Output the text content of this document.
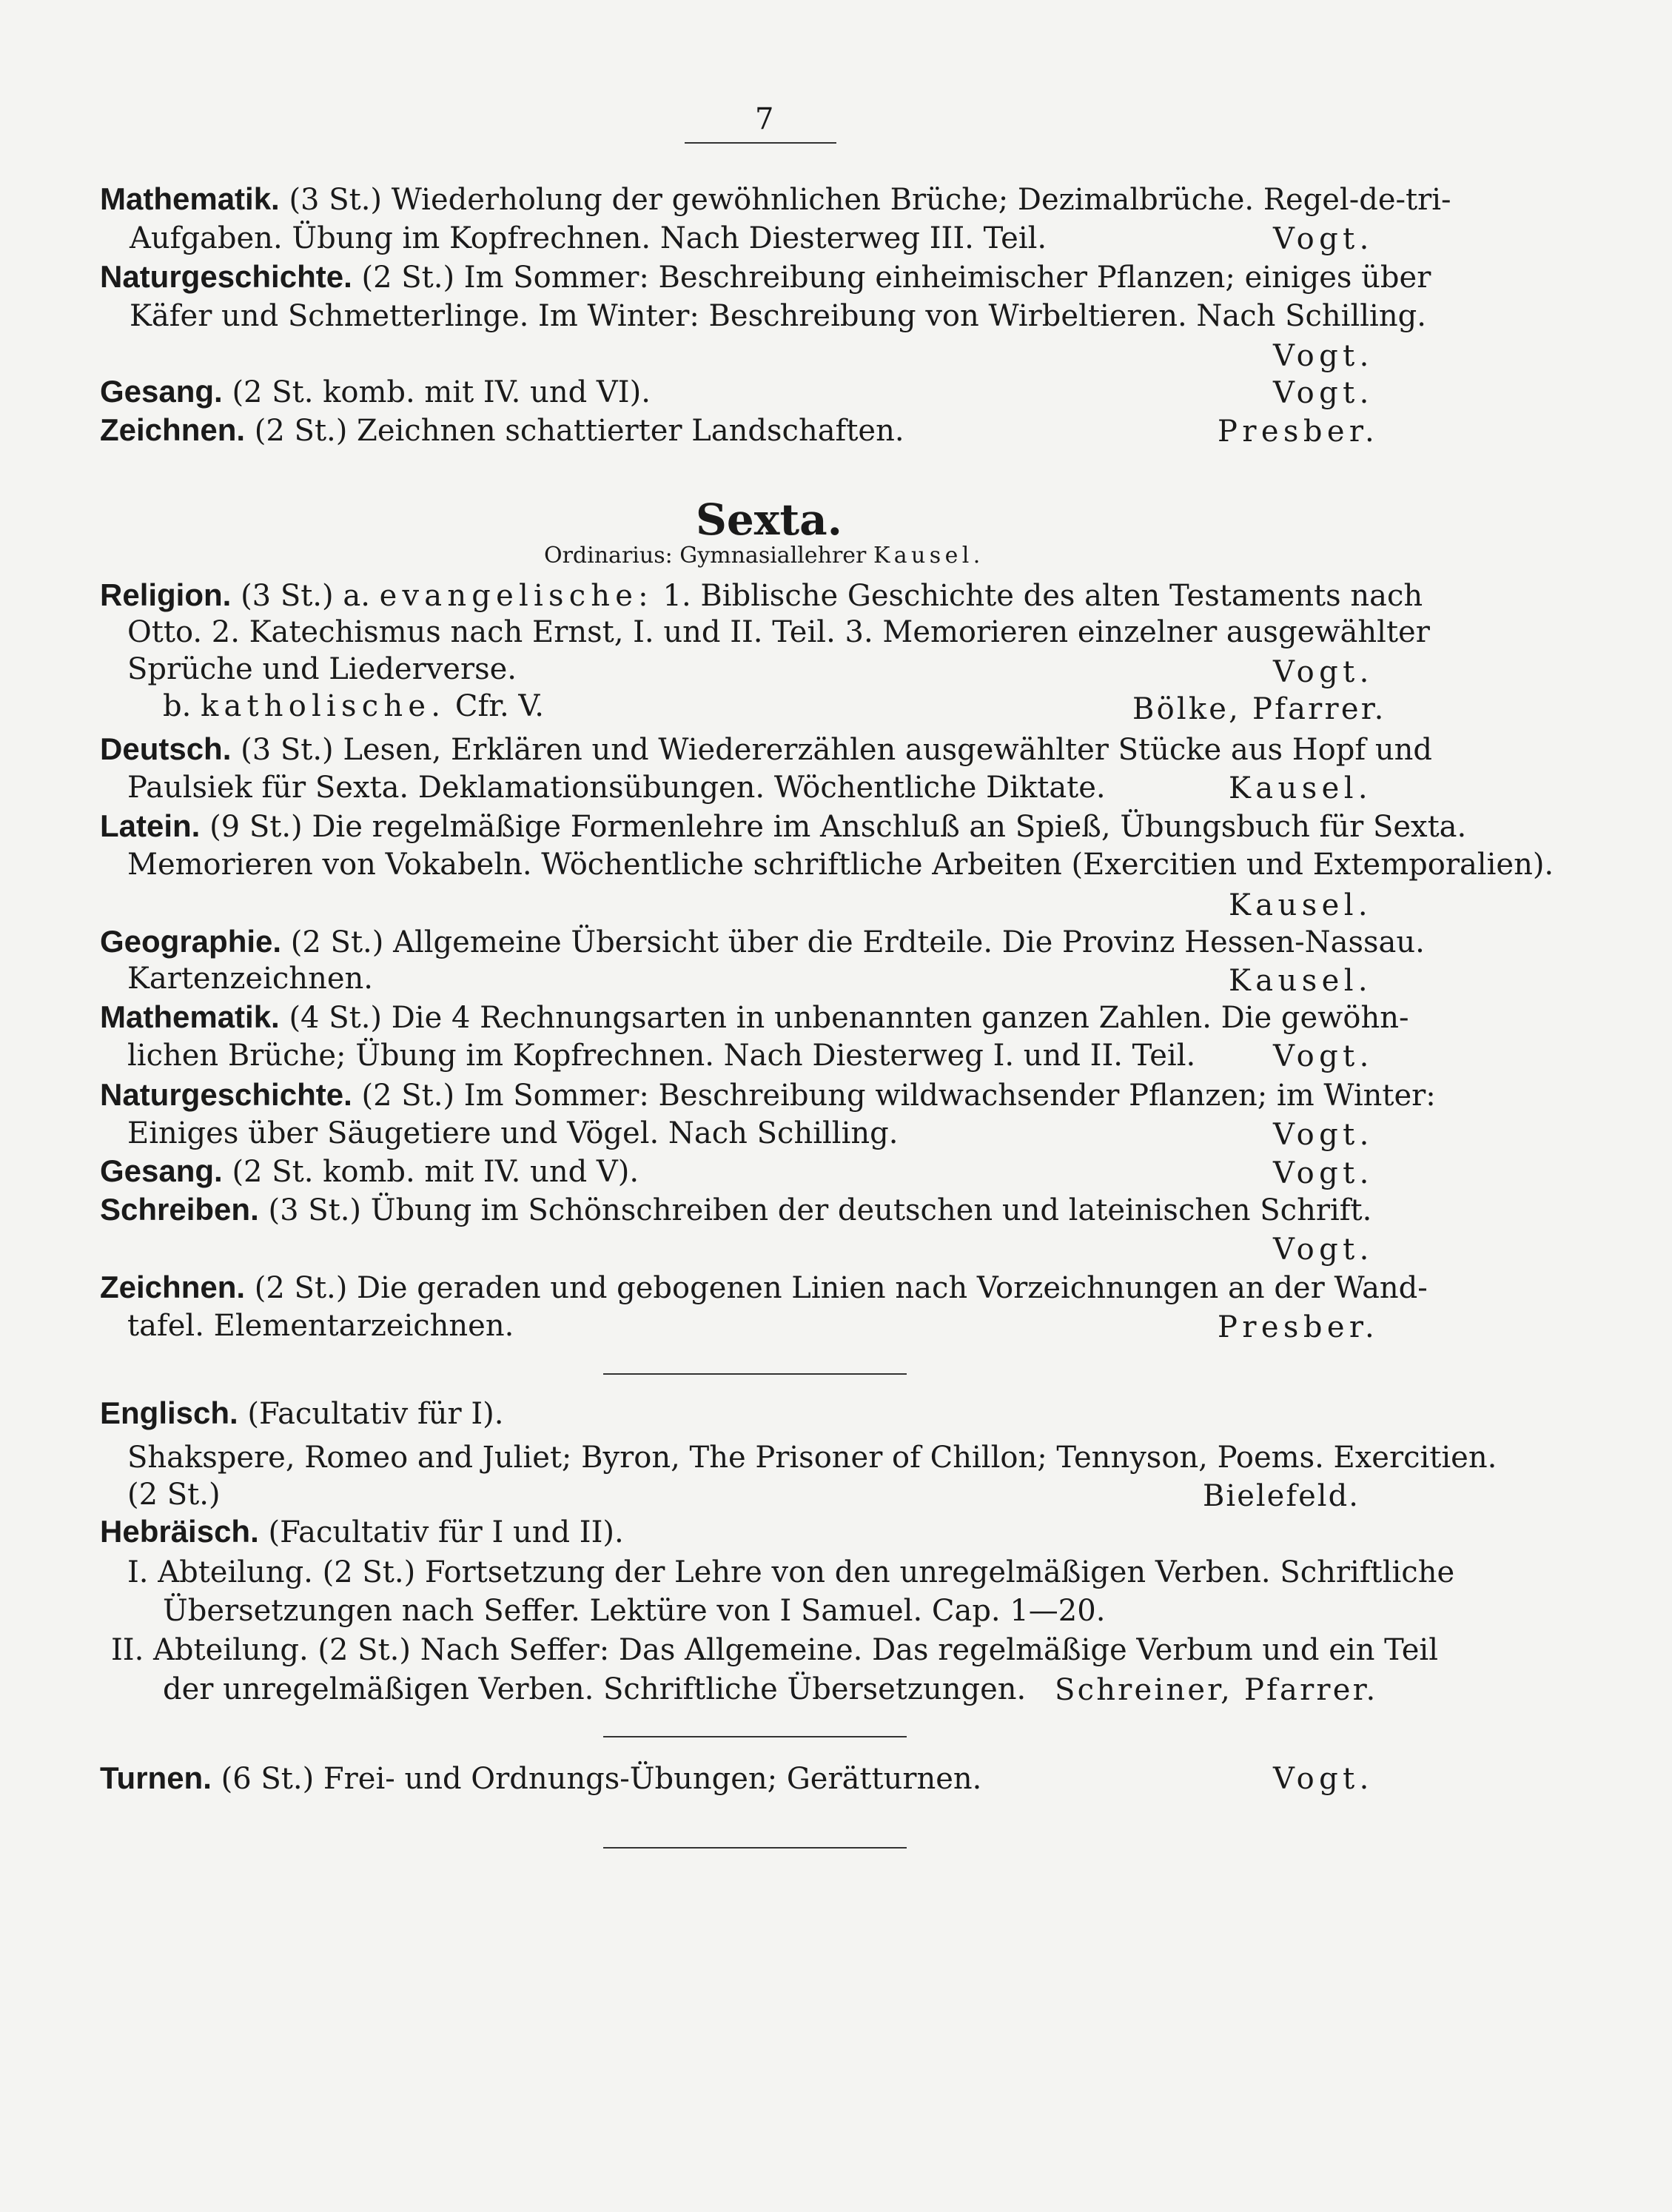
7
Mathematik. (3 St.) Wiederholung der gewöhnlichen Brüche; Dezimalbrüche. Regel-de-tri-
Aufgaben. Übung im Kopfrechnen. Nach Diesterweg III. Teil.	Vogt.
Naturgeschichte. (2 St.) Im Sommer: Beschreibung einheimischer Pflanzen; einiges über
Käfer und Schmetterlinge. Im Winter: Beschreibung von Wirbeltieren. Nach Schilling.
Vogt.
Gesang. (2 St. komb. mit IV. und VI).	Vogt.
Zeichnen. (2 St.) Zeichnen schattierter Landschaften.	Presber.
Sexta.
Ordinarius: Gymnasiallehrer Kausel.
Religion. (3 St.) a. evangelische: 1. Biblische Geschichte des alten Testaments nach
Otto. 2. Katechismus nach Ernst, I. und II. Teil. 3. Memorieren einzelner ausgewählter
Sprüche und Liederverse.	Vogt.
b. katholische. Cfr. V.	Bölke, Pfarrer.
Deutsch. (3 St.) Lesen, Erklären und Wiedererzählen ausgewählter Stücke aus Hopf und
Paulsiek für Sexta. Deklamationsübungen. Wöchentliche Diktate.	Kausel.
Latein. (9 St.) Die regelmäßige Formenlehre im Anschluß an Spieß, Übungsbuch für Sexta.
Memorieren von Vokabeln. Wöchentliche schriftliche Arbeiten (Exercitien und Extemporalien).
Kausel.
Geographie. (2 St.) Allgemeine Übersicht über die Erdteile. Die Provinz Hessen-Nassau.
Kartenzeichnen.	Kausel.
Mathematik. (4 St.) Die 4 Rechnungsarten in unbenannten ganzen Zahlen. Die gewöhn-
lichen Brüche; Übung im Kopfrechnen. Nach Diesterweg I. und II. Teil.	Vogt.
Naturgeschichte. (2 St.) Im Sommer: Beschreibung wildwachsender Pflanzen; im Winter:
Einiges über Säugetiere und Vögel. Nach Schilling.	Vogt.
Gesang. (2 St. komb. mit IV. und V).	Vogt.
Schreiben. (3 St.) Übung im Schönschreiben der deutschen und lateinischen Schrift.
Vogt.
Zeichnen. (2 St.) Die geraden und gebogenen Linien nach Vorzeichnungen an der Wand-
tafel. Elementarzeichnen.	Presber.
Englisch. (Facultativ für I).
Shakspere, Romeo and Juliet; Byron, The Prisoner of Chillon; Tennyson, Poems. Exercitien.
(2 St.)	Bielefeld.
Hebräisch. (Facultativ für I und II).
I. Abteilung. (2 St.) Fortsetzung der Lehre von den unregelmäßigen Verben. Schriftliche
Übersetzungen nach Seffer. Lektüre von I Samuel. Cap. 1—20.
II. Abteilung. (2 St.) Nach Seffer: Das Allgemeine. Das regelmäßige Verbum und ein Teil
der unregelmäßigen Verben. Schriftliche Übersetzungen. Schreiner, Pfarrer.
Turnen. (6 St.) Frei- und Ordnungs-Übungen; Gerätturnen.	Vogt.
